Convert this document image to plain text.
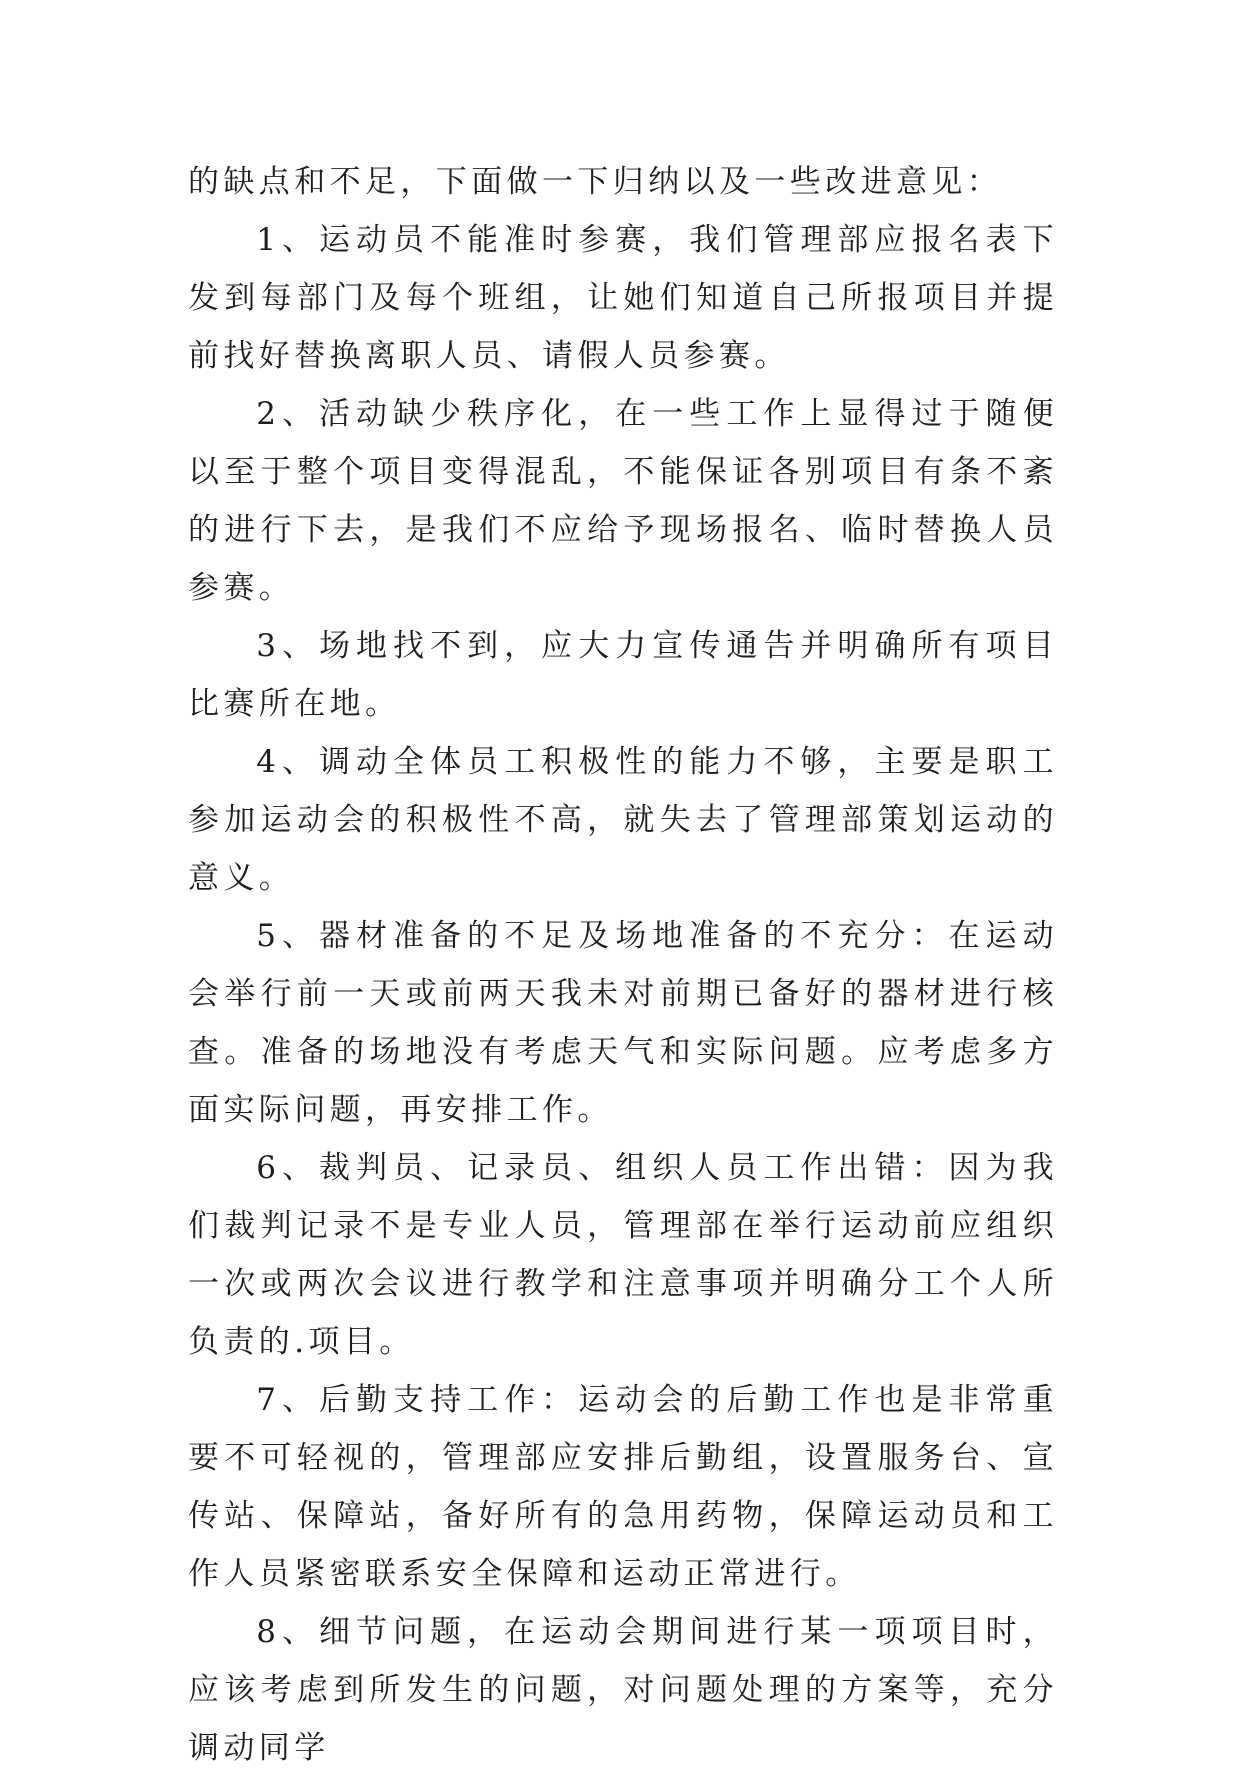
的缺点和不足，下面做一下归纳以及一些改进意见：

1、运动员不能准时参赛，我们管理部应报名表下发到每部门及每个班组，让她们知道自己所报项目并提前找好替换离职人员、请假人员参赛。

2、活动缺少秩序化，在一些工作上显得过于随便以至于整个项目变得混乱，不能保证各别项目有条不紊的进行下去，是我们不应给予现场报名、临时替换人员参赛。

3、场地找不到，应大力宣传通告并明确所有项目比赛所在地。

4、调动全体员工积极性的能力不够，主要是职工参加运动会的积极性不高，就失去了管理部策划运动的意义。

5、器材准备的不足及场地准备的不充分：在运动会举行前一天或前两天我未对前期已备好的器材进行核查。准备的场地没有考虑天气和实际问题。应考虑多方面实际问题，再安排工作。

6、裁判员、记录员、组织人员工作出错：因为我们裁判记录不是专业人员，管理部在举行运动前应组织一次或两次会议进行教学和注意事项并明确分工个人所负责的.项目。

7、后勤支持工作：运动会的后勤工作也是非常重要不可轻视的，管理部应安排后勤组，设置服务台、宣传站、保障站，备好所有的急用药物，保障运动员和工作人员紧密联系安全保障和运动正常进行。

8、细节问题，在运动会期间进行某一项项目时，应该考虑到所发生的问题，对问题处理的方案等，充分调动同学
